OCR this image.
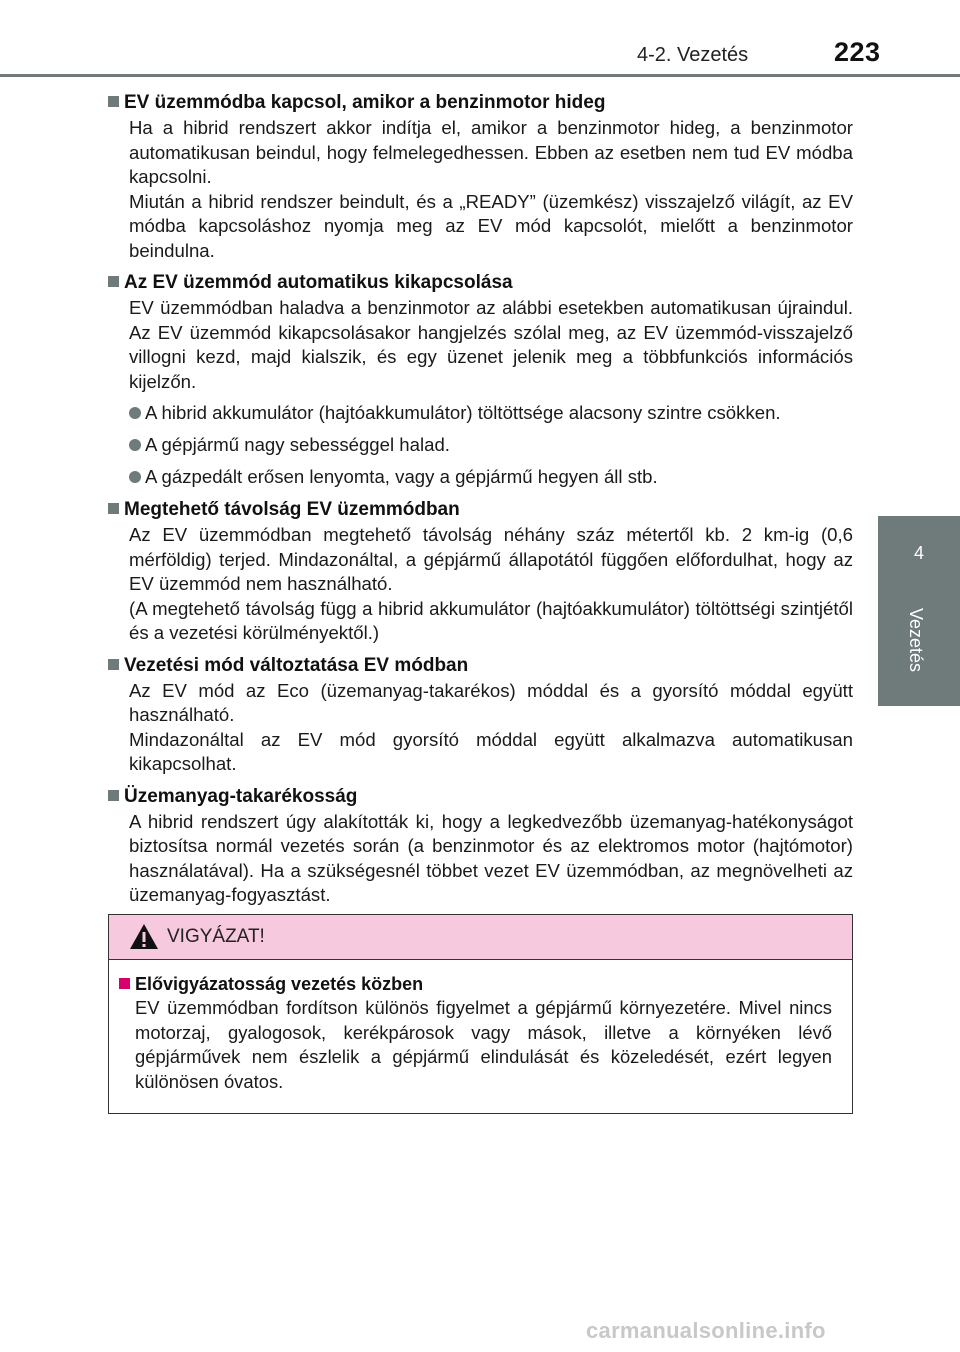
4-2. Vezetés	223
4
Vezetés
EV üzemmódba kapcsol, amikor a benzinmotor hideg
Ha a hibrid rendszert akkor indítja el, amikor a benzinmotor hideg, a benzinmotor automatikusan beindul, hogy felmelegedhessen. Ebben az esetben nem tud EV módba kapcsolni.
Miután a hibrid rendszer beindult, és a „READY” (üzemkész) visszajelző világít, az EV módba kapcsoláshoz nyomja meg az EV mód kapcsolót, mielőtt a benzinmotor beindulna.
Az EV üzemmód automatikus kikapcsolása
EV üzemmódban haladva a benzinmotor az alábbi esetekben automatikusan újraindul. Az EV üzemmód kikapcsolásakor hangjelzés szólal meg, az EV üzemmód-visszajelző villogni kezd, majd kialszik, és egy üzenet jelenik meg a többfunkciós információs kijelzőn.
A hibrid akkumulátor (hajtóakkumulátor) töltöttsége alacsony szintre csökken.
A gépjármű nagy sebességgel halad.
A gázpedált erősen lenyomta, vagy a gépjármű hegyen áll stb.
Megtehető távolság EV üzemmódban
Az EV üzemmódban megtehető távolság néhány száz métertől kb. 2 km-ig (0,6 mérföldig) terjed. Mindazonáltal, a gépjármű állapotától függően előfordulhat, hogy az EV üzemmód nem használható.
(A megtehető távolság függ a hibrid akkumulátor (hajtóakkumulátor) töltöttségi szintjétől és a vezetési körülményektől.)
Vezetési mód változtatása EV módban
Az EV mód az Eco (üzemanyag-takarékos) móddal és a gyorsító móddal együtt használható.
Mindazonáltal az EV mód gyorsító móddal együtt alkalmazva automatikusan kikapcsolhat.
Üzemanyag-takarékosság
A hibrid rendszert úgy alakították ki, hogy a legkedvezőbb üzemanyag-hatékonyságot biztosítsa normál vezetés során (a benzinmotor és az elektromos motor (hajtómotor) használatával). Ha a szükségesnél többet vezet EV üzemmódban, az megnövelheti az üzemanyag-fogyasztást.
VIGYÁZAT!
Elővigyázatosság vezetés közben
EV üzemmódban fordítson különös figyelmet a gépjármű környezetére. Mivel nincs motorzaj, gyalogosok, kerékpárosok vagy mások, illetve a környéken lévő gépjárművek nem észlelik a gépjármű elindulását és közeledését, ezért legyen különösen óvatos.
carmanualsonline.info
